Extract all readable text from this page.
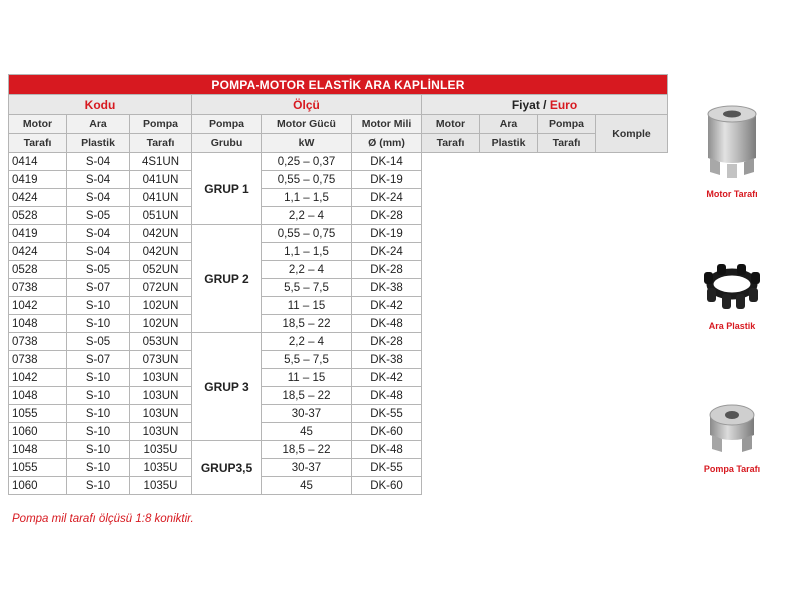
POMPA-MOTOR ELASTİK ARA KAPLİNLER									
Kodu			Ölçü			Fiyat / Euro			
Motor	Ara	Pompa	Pompa	Motor Gücü	Motor Mili	Motor	Ara	Pompa	Komple
Tarafı	Plastik	Tarafı	Grubu	kW	Ø (mm)	Tarafı	Plastik	Tarafı	
0414	S-04	4S1UN	GRUP 1	0,25 – 0,37	DK-14				
0419	S-04	041UN		0,55 – 0,75	DK-19				
0424	S-04	041UN		1,1 – 1,5	DK-24				
0528	S-05	051UN		2,2 – 4	DK-28				
0419	S-04	042UN	GRUP 2	0,55 – 0,75	DK-19				
0424	S-04	042UN		1,1 – 1,5	DK-24				
0528	S-05	052UN		2,2 – 4	DK-28				
0738	S-07	072UN		5,5 – 7,5	DK-38				
1042	S-10	102UN		11 – 15	DK-42				
1048	S-10	102UN		18,5 – 22	DK-48				
0738	S-05	053UN	GRUP 3	2,2 – 4	DK-28				
0738	S-07	073UN		5,5 – 7,5	DK-38				
1042	S-10	103UN		11 – 15	DK-42				
1048	S-10	103UN		18,5 – 22	DK-48				
1055	S-10	103UN		30-37	DK-55				
1060	S-10	103UN		45	DK-60				
1048	S-10	1035U	GRUP3,5	18,5 – 22	DK-48				
1055	S-10	1035U		30-37	DK-55				
1060	S-10	1035U		45	DK-60				
Pompa mil tarafı ölçüsü 1:8 koniktir.
Motor Tarafı
Ara Plastik
Pompa Tarafı
